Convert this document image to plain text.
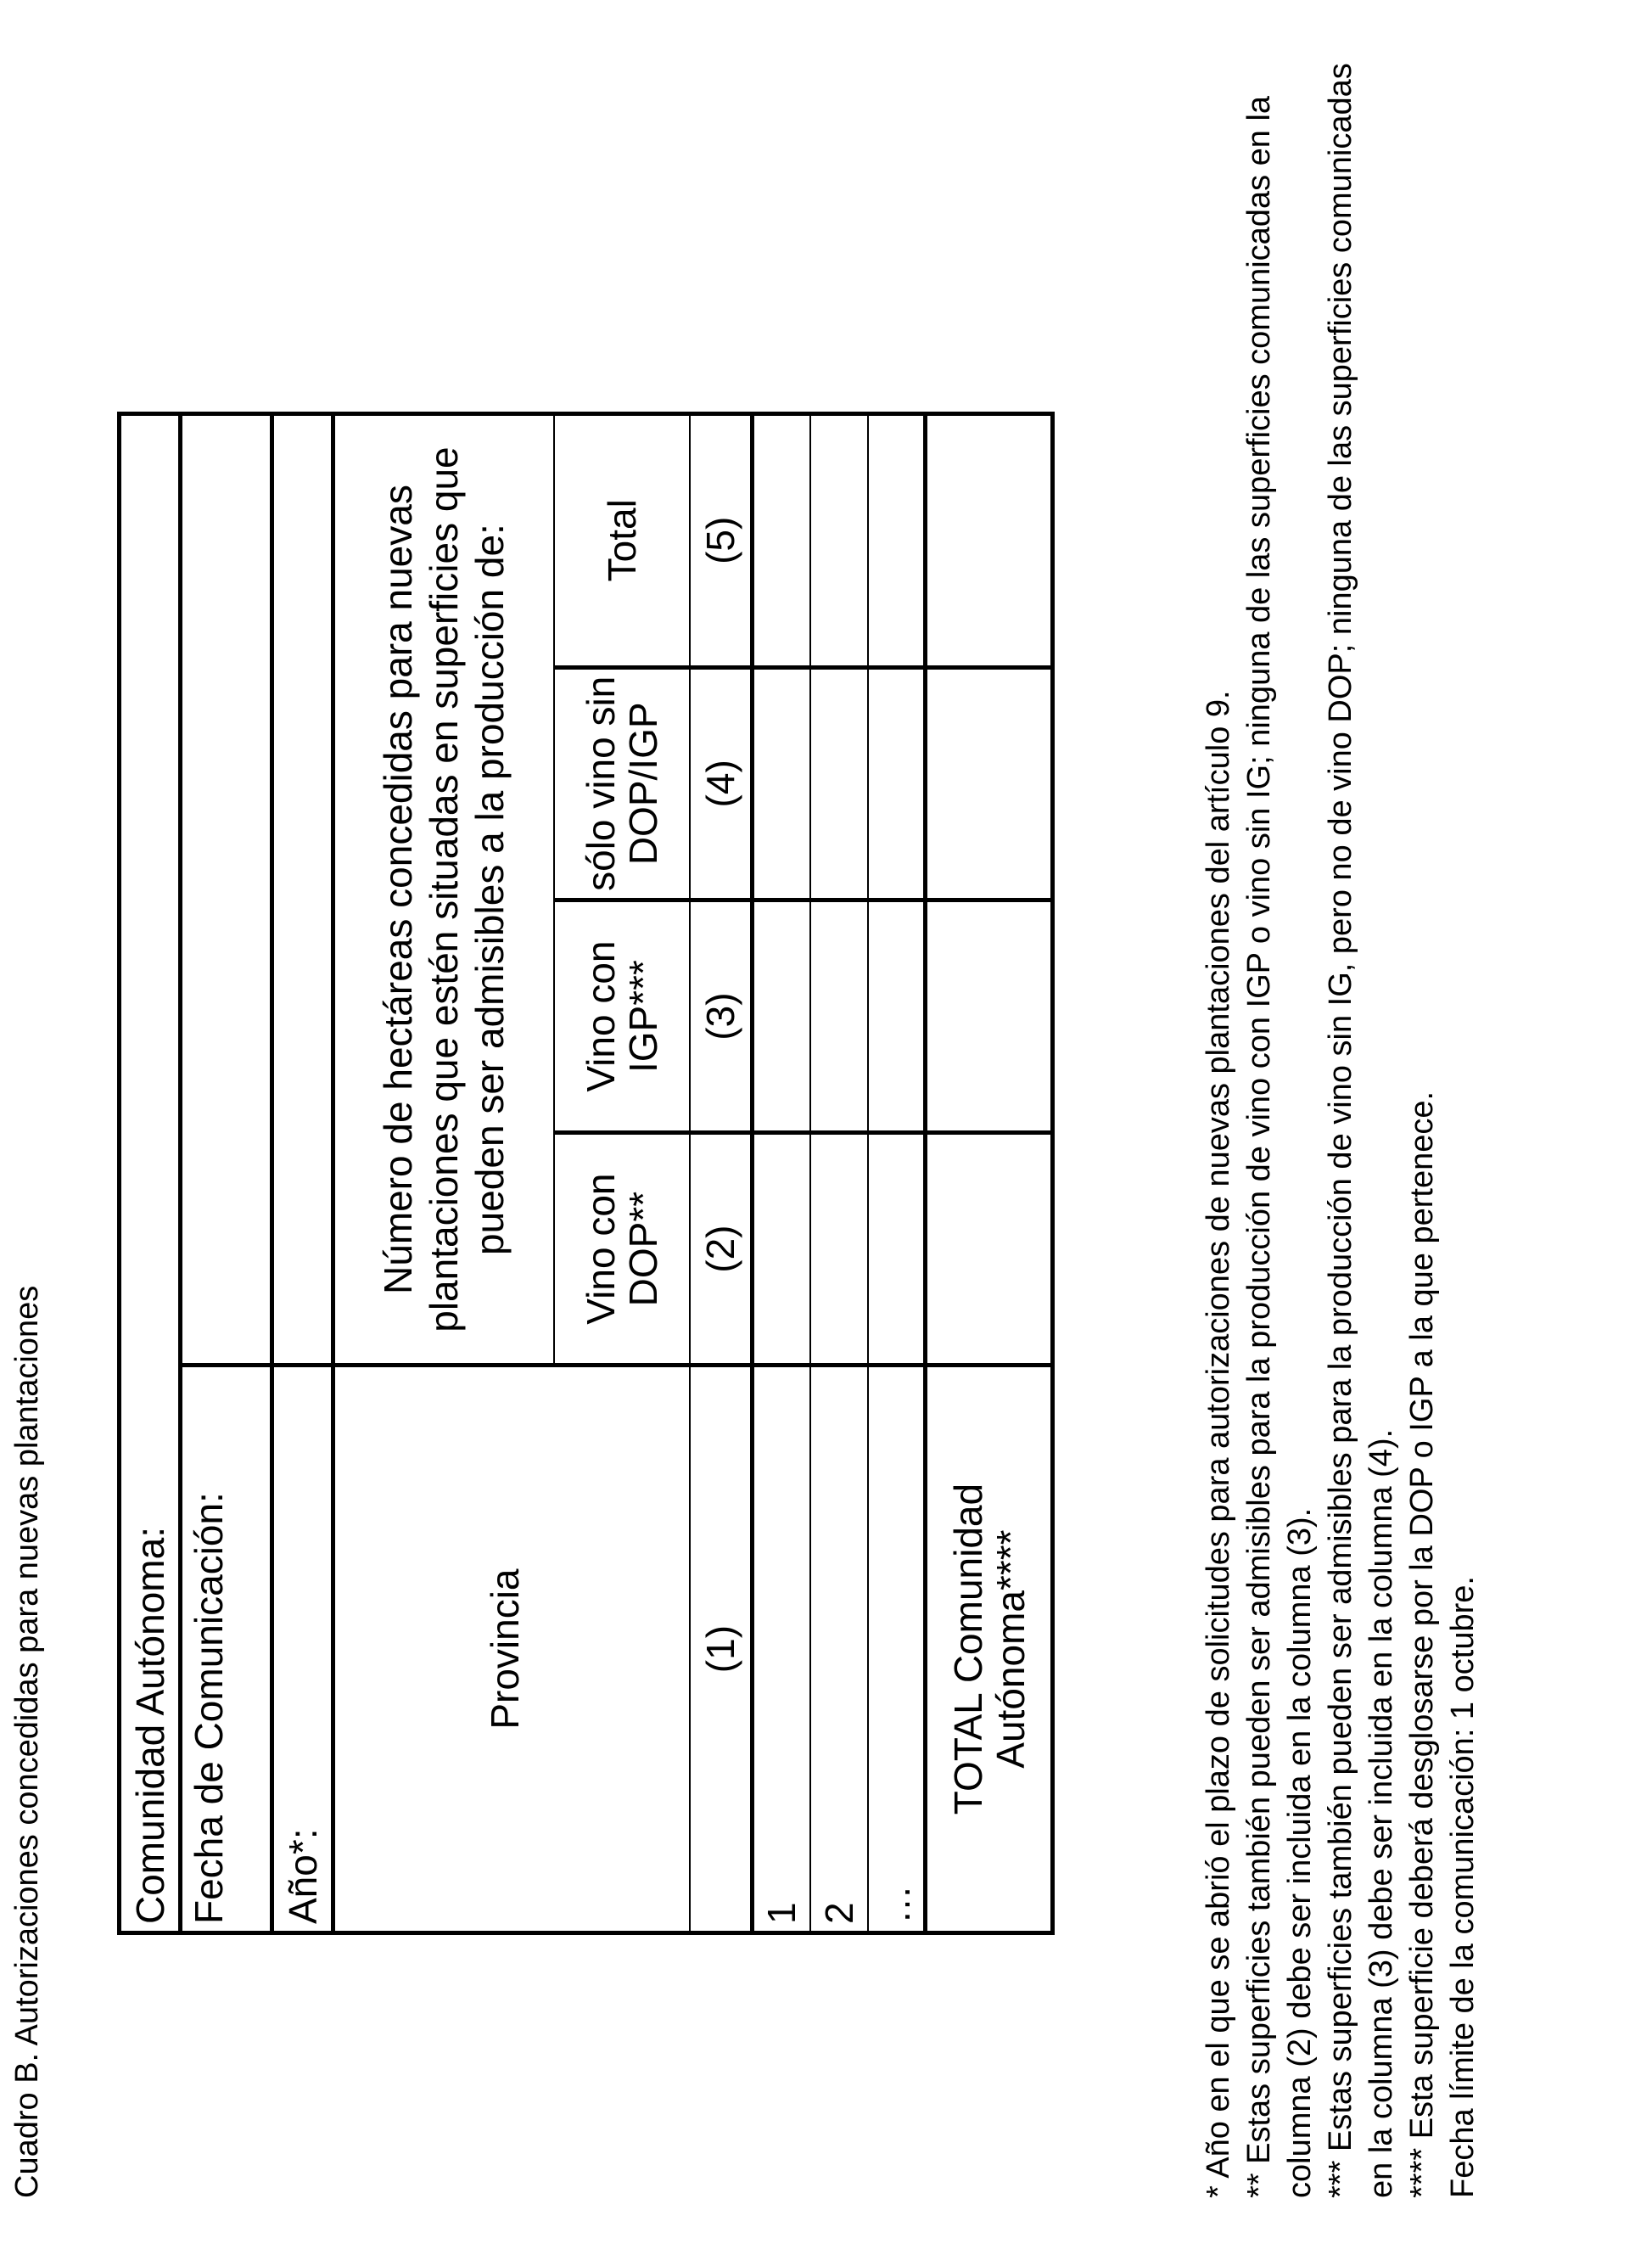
Cuadro B. Autorizaciones concedidas para nuevas plantaciones Comunidad Autónoma:				
Fecha de Comunicación:				
Año*:				
Provincia	Número de hectáreas concedidas para nuevas plantaciones que estén situadas en superficies que pueden ser admisibles a la producción de:			
	Vino con DOP**	Vino con IGP***	sólo vino sin DOP/IGP	Total
(1)	(2)	(3)	(4)	(5)
1				
2				
…				
TOTAL Comunidad Autónoma****					* Año en el que se abrió el plazo de solicitudes para autorizaciones de nuevas plantaciones del artículo 9. ** Estas superficies también pueden ser admisibles para la producción de vino con IGP o vino sin IG; ninguna de las superficies comunicadas en la columna (2) debe ser incluida en la columna (3). *** Estas superficies también pueden ser admisibles para la producción de vino sin IG, pero no de vino DOP; ninguna de las superficies comunicadas en la columna (3) debe ser incluida en la columna (4). **** Esta superficie deberá desglosarse por la DOP o IGP a la que pertenece. Fecha límite de la comunicación: 1 octubre.
